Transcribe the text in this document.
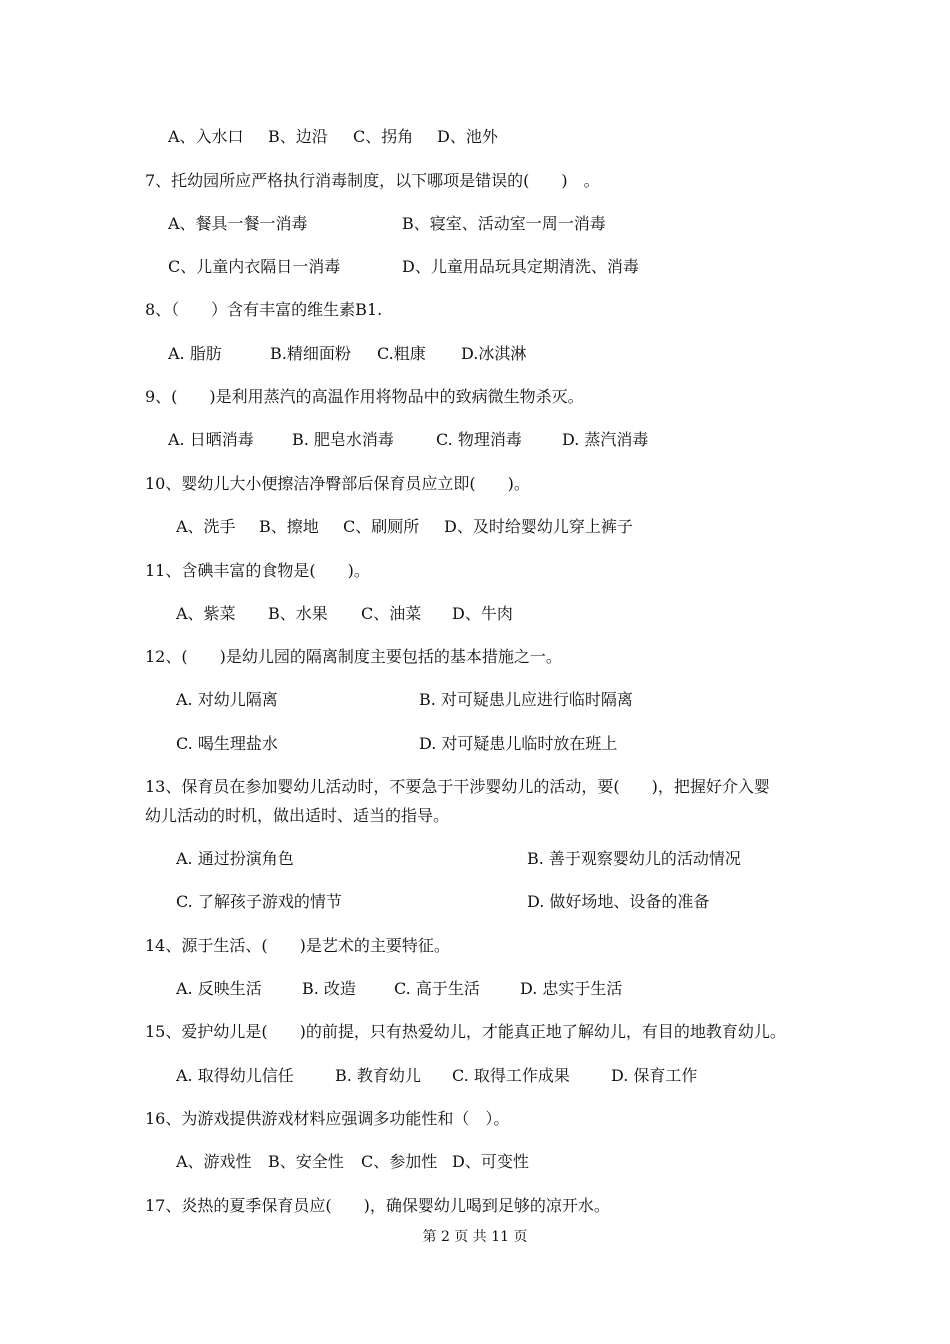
A、入水口 B、边沿 C、拐角 D、池外
7、托幼园所应严格执行消毒制度，以下哪项是错误的(　　)　。
A、餐具一餐一消毒	B、寝室、活动室一周一消毒
C、儿童内衣隔日一消毒	D、儿童用品玩具定期清洗、消毒
8、（　　）含有丰富的维生素B1.
A. 脂肪	B.精细面粉 C.粗康 D.冰淇淋
9、(　　)是利用蒸汽的高温作用将物品中的致病微生物杀灭。
A. 日晒消毒 B. 肥皂水消毒	C. 物理消毒	D. 蒸汽消毒
10、婴幼儿大小便擦洁净臀部后保育员应立即(　　)。
A、洗手 B、擦地 C、刷厕所 D、及时给婴幼儿穿上裤子
11、含碘丰富的食物是(　　)。
A、紫菜 B、水果 C、油菜 D、牛肉
12、(　　)是幼儿园的隔离制度主要包括的基本措施之一。
A. 对幼儿隔离	B. 对可疑患儿应进行临时隔离
C. 喝生理盐水	D. 对可疑患儿临时放在班上
13、保育员在参加婴幼儿活动时，不要急于干涉婴幼儿的活动，要(　　)，把握好介入婴
幼儿活动的时机，做出适时、适当的指导。
A. 通过扮演角色	B. 善于观察婴幼儿的活动情况
C. 了解孩子游戏的情节	D. 做好场地、设备的准备
14、源于生活、(　　)是艺术的主要特征。
A. 反映生活	B. 改造 C. 高于生活	D. 忠实于生活
15、爱护幼儿是(　　)的前提，只有热爱幼儿，才能真正地了解幼儿，有目的地教育幼儿。
A. 取得幼儿信任	B. 教育幼儿 C. 取得工作成果	D. 保育工作
16、为游戏提供游戏材料应强调多功能性和（　）。
A、游戏性 B、安全性 C、参加性 D、可变性
17、炎热的夏季保育员应(　　)，确保婴幼儿喝到足够的凉开水。
第 2 页 共 11 页
